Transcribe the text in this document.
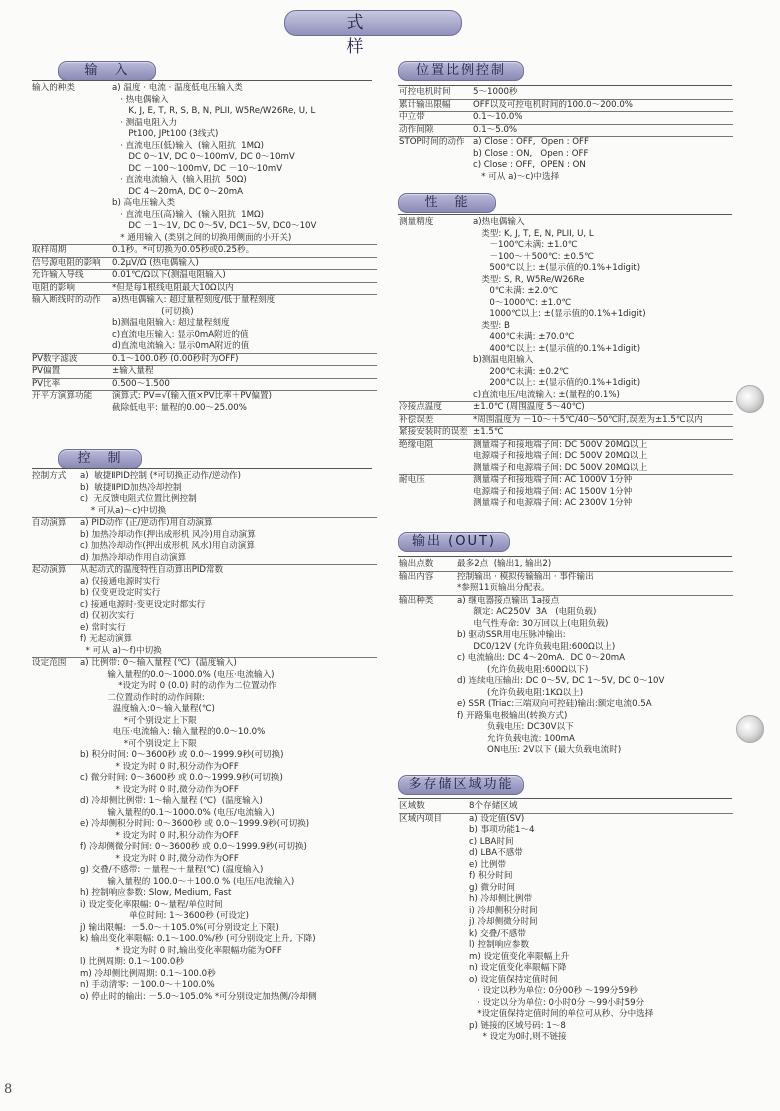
式　　样
输　入
输入的种类	a) 温度 · 电流 · 温度低电压输入类
· 热电偶输入
K, J, E, T, R, S, B, N, PLII, W5Re/W26Re, U, L
· 测温电阻入力
Pt100, JPt100 (3线式)
· 直流电压(低)输入  (输入阻抗  1MΩ)
DC 0～1V, DC 0～100mV, DC 0～10mV
DC －100～100mV, DC －10～10mV
· 直流电流输入  (输入阻抗  50Ω)
DC 4～20mA, DC 0～20mA
b) 高电压输入类
· 直流电压(高)输入  (输入阻抗  1MΩ)
DC －1～1V, DC 0～5V, DC1～5V, DC0～10V
* 通用输入 (类别之间的切换用侧面的小开关)
取样周期	0.1秒。*可切换为0.05秒或0.25秒。
信号源电阻的影响	0.2μV/Ω (热电偶输入)
允许输入导线	0.01℃/Ω以下(测温电阻输入)
电阻的影响	*但是每1根线电阻最大10Ω以内
输入断线时的动作	a)热电偶输入: 超过量程刻度/低于量程刻度
(可切换)
b)测温电阻输入: 超过量程刻度
c)直流电压输入: 显示0mA附近的值
d)直流电流输入: 显示0mA附近的值
PV数字滤波	0.1～100.0秒 (0.00秒时为OFF)
PV偏置	±输入量程
PV比率	0.500～1.500
开平方演算功能	演算式: PV=√(输入值×PV比率＋PV偏置)
截除低电平: 量程的0.00～25.00%
控　制
控制方式	a)  敏捷ⅡPID控制 (*可切换正动作/逆动作)
b)  敏捷ⅡPID加热冷却控制
c)  无反馈电阻式位置比例控制
* 可从a)～c)中切换
自动演算	a) PID动作 (正/逆动作)用自动演算
b) 加热冷却动作(押出成形机 风冷)用自动演算
c) 加热冷却动作(押出成形机 风水)用自动演算
d) 加热冷却动作用自动演算
起动演算	从起动式的温度特性自动算出PID常数
a) 仅接通电源时实行
b) 仅变更设定时实行
c) 接通电源时·变更设定时都实行
d) 仅初次实行
e) 常时实行
f) 无起动演算
* 可从 a)～f)中切换
设定范围	a) 比例带: 0～输入量程 (℃)  (温度输入)
输入量程的0.0～1000.0% (电压·电流输入)
*设定为时 0 (0.0) 时的动作为二位置动作
二位置动作时的动作间隙:
温度输入:0～输入量程(℃)
*可个别设定上下限
电压·电流输入: 输入量程的0.0～10.0%
*可个别设定上下限
b) 积分时间: 0～3600秒 或 0.0～1999.9秒(可切换)
* 设定为时 0 时,积分动作为OFF
c) 微分时间: 0～3600秒 或 0.0～1999.9秒(可切换)
* 设定为时 0 时,微分动作为OFF
d) 冷却侧比例带: 1～输入量程 (℃)  (温度输入)
输入量程的0.1～1000.0% (电压/电流输入)
e) 冷却侧积分时间: 0～3600秒 或 0.0～1999.9秒(可切换)
* 设定为时 0 时,积分动作为OFF
f) 冷却侧微分时间: 0～3600秒 或 0.0～1999.9秒(可切换)
* 设定为时 0 时,微分动作为OFF
g) 交叠/不感带: －量程～＋量程(℃) (温度输入)
输入量程的 100.0～＋100.0 % (电压/电流输入)
h) 控制响应参数: Slow, Medium, Fast
i) 设定变化率限幅: 0～量程/单位时间
单位时间: 1～3600秒 (可设定)
j) 输出限幅:  －5.0～＋105.0%(可分别设定上下限)
k) 输出变化率限幅: 0.1～100.0%/秒 (可分别设定上升, 下降)
* 设定为时 0 时,输出变化率限幅功能为OFF
l) 比例周期: 0.1～100.0秒
m) 冷却侧比例周期: 0.1～100.0秒
n) 手动清零: －100.0～＋100.0%
o) 停止时的输出: －5.0～105.0% *可分别设定加热侧/冷却侧
位置比例控制
可控电机时间	5～1000秒
累计输出限幅	OFF以及可控电机时间的100.0～200.0%
中立带	0.1～10.0%
动作间隙	0.1～5.0%
STOP时间的动作 a) Close : OFF,  Open : OFF
b) Close : ON,   Open : OFF
c) Close : OFF,  OPEN : ON
* 可从 a)～c)中选择
性　能
测量精度	a)热电偶输入
类型: K, J, T, E, N, PLII, U, L
－100℃未满: ±1.0℃
－100～＋500℃: ±0.5℃
500℃以上: ±(显示值的0.1%+1digit)
类型: S, R, W5Re/W26Re
0℃未满: ±2.0℃
0～1000℃: ±1.0℃
1000℃以上: ±(显示值的0.1%+1digit)
类型: B
400℃未满: ±70.0℃
400℃以上: ±(显示值的0.1%+1digit)
b)测温电阻输入
200℃未满: ±0.2℃
200℃以上: ±(显示值的0.1%+1digit)
c)直流电压/电流输入: ±(量程的0.1%)
冷接点温度	±1.0℃ (周围温度 5～40℃)
补偿误差	*周围温度为 －10～＋5℃/40～50℃时,误差为±1.5℃以内
紧接安装时的误差 ±1.5℃
绝缘电阻	测量端子和接地端子间: DC 500V 20MΩ以上
电源端子和接地端子间: DC 500V 20MΩ以上
测量端子和电源端子间: DC 500V 20MΩ以上
耐电压	测量端子和接地端子间: AC 1000V 1分钟
电源端子和接地端子间: AC 1500V 1分钟
测量端子和电源端子间: AC 2300V 1分钟
输出 (OUT)
输出点数	最多2点  (输出1, 输出2)
输出内容	控制输出 · 模拟传输输出 · 事件输出
*参照11页输出分配表。
输出种类	a) 继电器接点输出 1a接点
额定: AC250V  3A   (电阻负载)
电气性寿命: 30万回以上(电阻负载)
b) 驱动SSR用电压脉冲输出:
DC0/12V (允许负载电阻:600Ω以上)
c) 电流输出: DC 4～20mA.  DC 0～20mA
(允许负载电阻:600Ω以下)
d) 连续电压输出: DC 0～5V, DC 1～5V, DC 0～10V
(允许负载电阻:1KΩ以上)
e) SSR (Triac:三端双向可控硅)输出:额定电流0.5A
f) 开路集电极输出(转换方式)
负载电压: DC30V以下
允许负载电流: 100mA
ON电压: 2V以下 (最大负载电流时)
多存储区域功能
区域数	8个存储区域
区域内项目	a) 设定值(SV)
b) 事项功能1～4
c) LBA时间
d) LBA不感带
e) 比例带
f) 积分时间
g) 微分时间
h) 冷却侧比例带
i) 冷却侧积分时间
j) 冷却侧微分时间
k) 交叠/不感带
l) 控制响应参数
m) 设定值变化率限幅上升
n) 设定值变化率限幅下降
o) 设定值保持定值时间
· 设定以秒为单位: 0分00秒 ～199分59秒
· 设定以分为单位: 0小时0分 ～99小时59分
*设定值保持定值时间的单位可从秒、分中选择
p) 链接的区域号码: 1～8
* 设定为0时,则不链接
8
